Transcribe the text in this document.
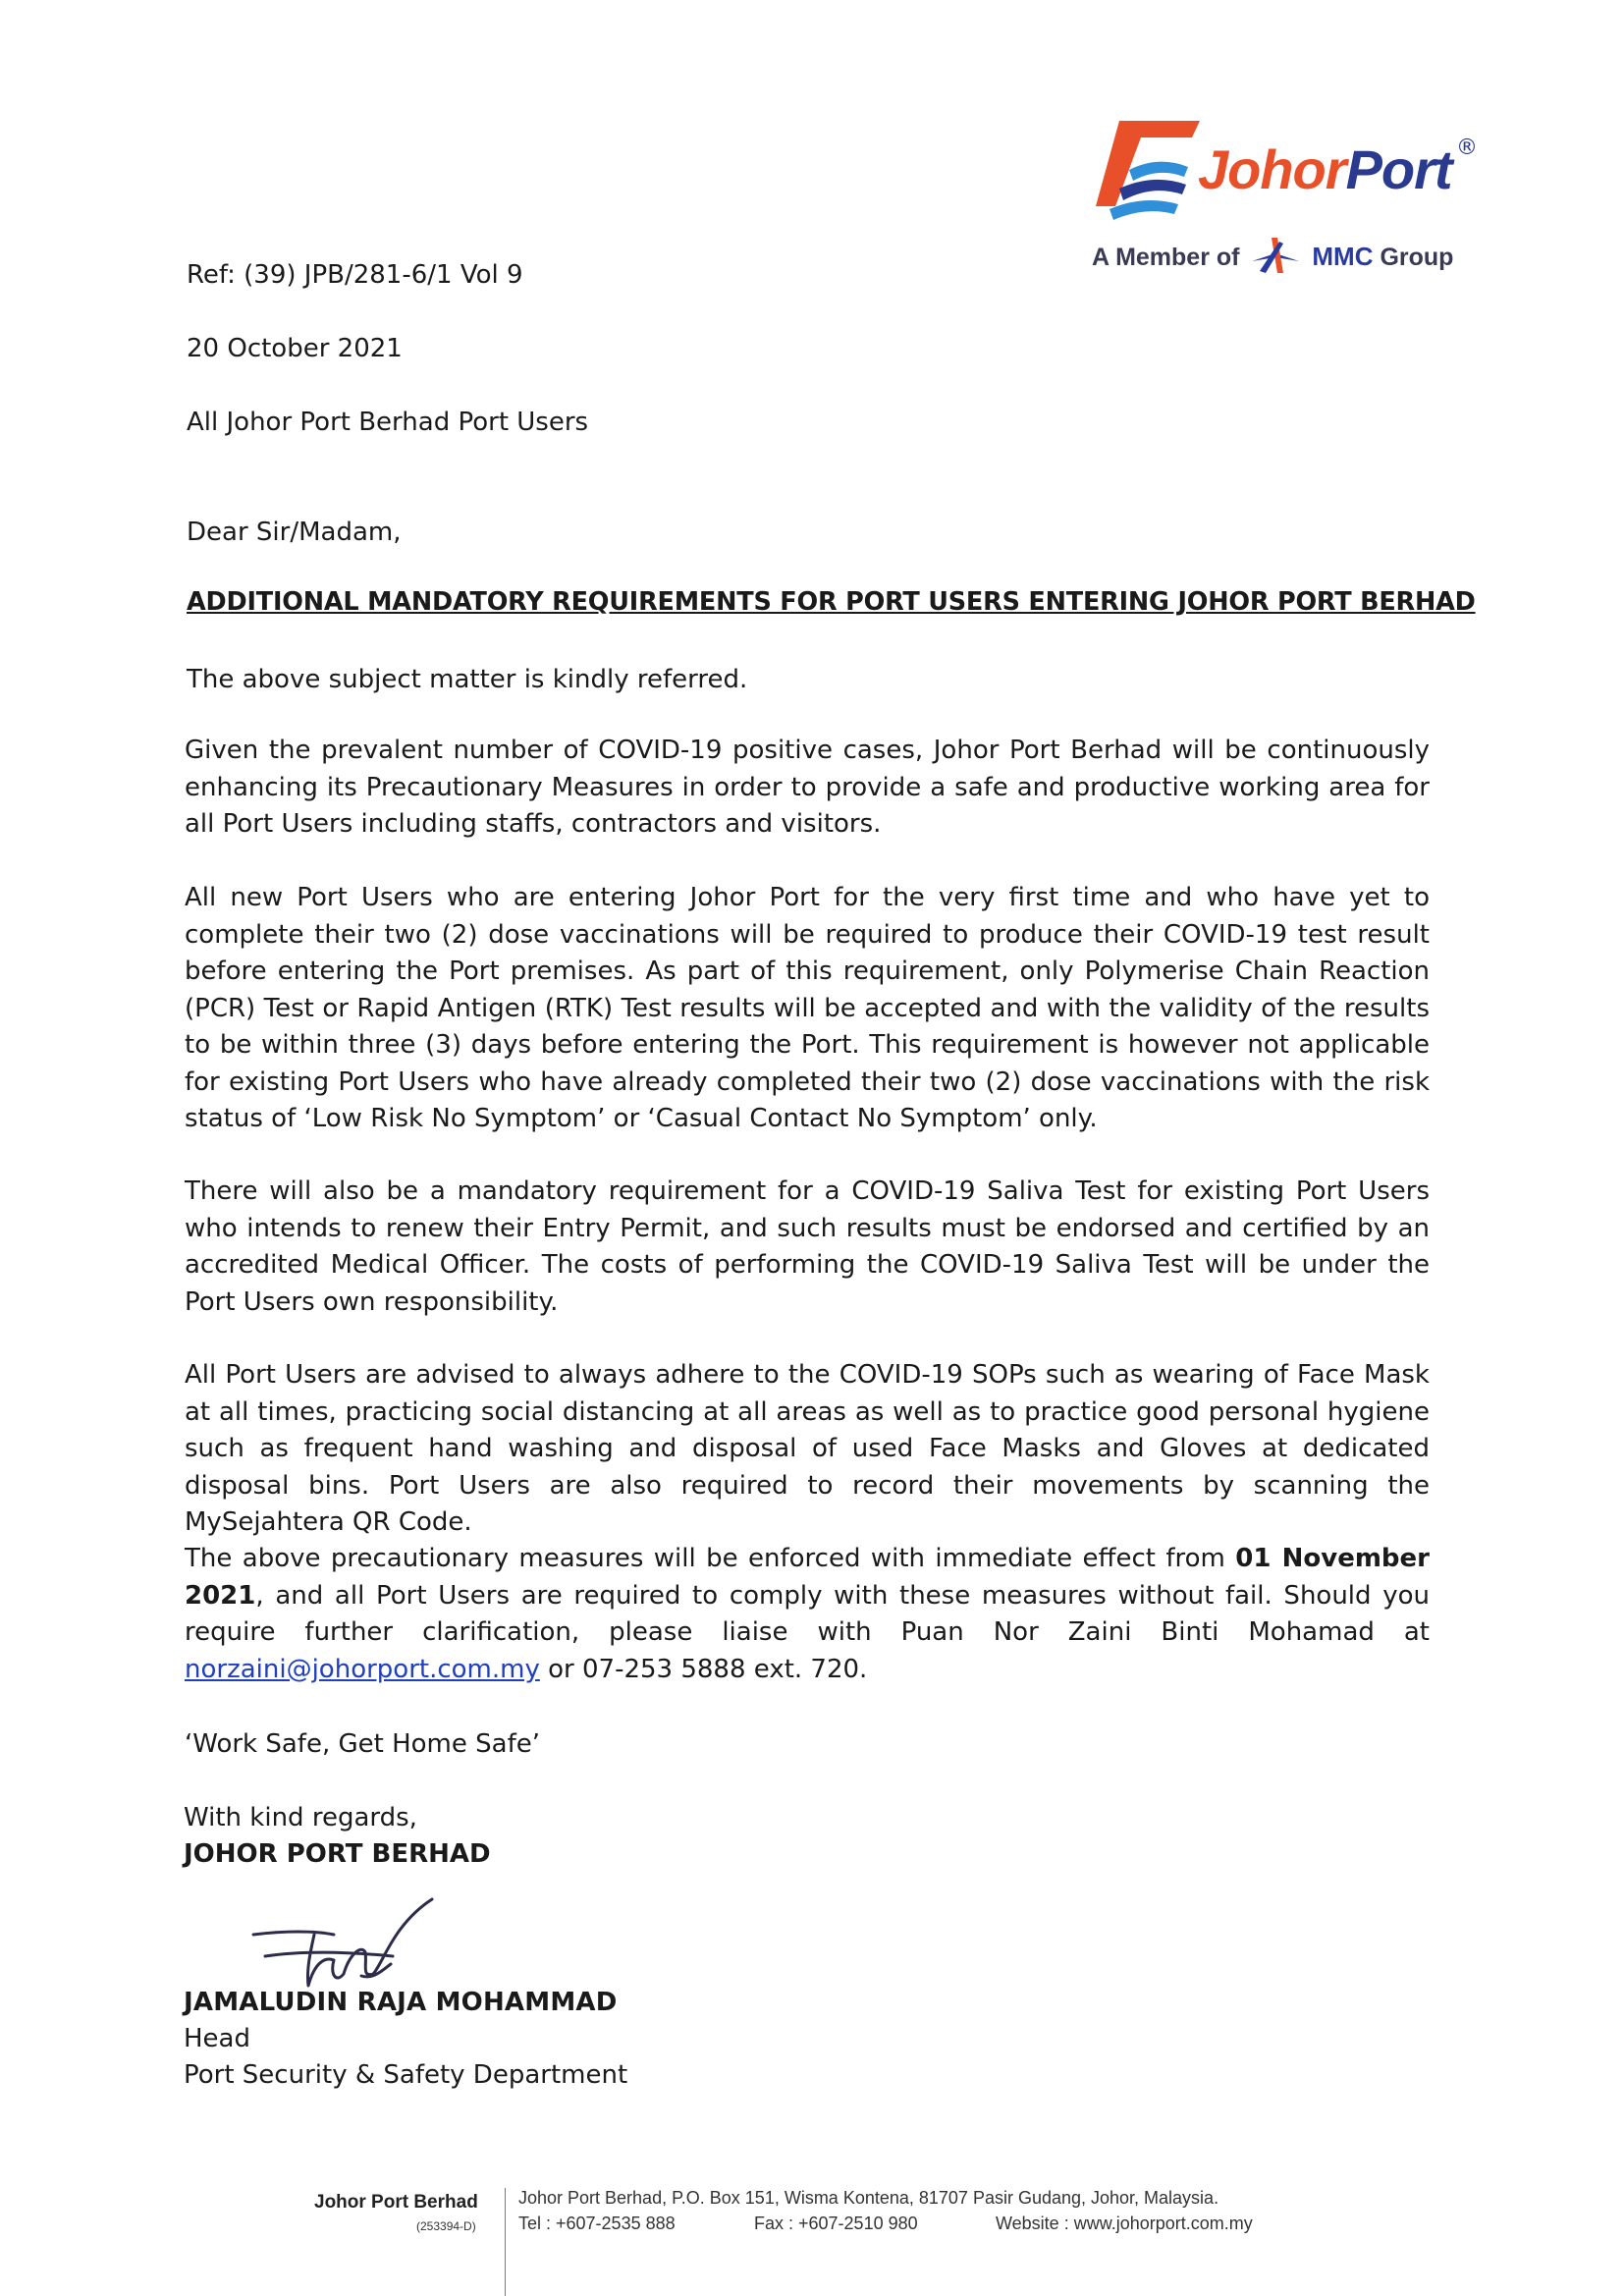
JohorPort ®
A Member of	MMC Group
Ref: (39) JPB/281-6/1 Vol 9
20 October 2021
All Johor Port Berhad Port Users
Dear Sir/Madam,
ADDITIONAL MANDATORY REQUIREMENTS FOR PORT USERS ENTERING JOHOR PORT BERHAD
The above subject matter is kindly referred.
Given the prevalent number of COVID-19 positive cases, Johor Port Berhad will be continuously enhancing its Precautionary Measures in order to provide a safe and productive working area for all Port Users including staffs, contractors and visitors.
All new Port Users who are entering Johor Port for the very first time and who have yet to complete their two (2) dose vaccinations will be required to produce their COVID-19 test result before entering the Port premises. As part of this requirement, only Polymerise Chain Reaction (PCR) Test or Rapid Antigen (RTK) Test results will be accepted and with the validity of the results to be within three (3) days before entering the Port. This requirement is however not applicable for existing Port Users who have already completed their two (2) dose vaccinations with the risk status of ‘Low Risk No Symptom’ or ‘Casual Contact No Symptom’ only.
There will also be a mandatory requirement for a COVID-19 Saliva Test for existing Port Users who intends to renew their Entry Permit, and such results must be endorsed and certified by an accredited Medical Officer. The costs of performing the COVID-19 Saliva Test will be under the Port Users own responsibility.
All Port Users are advised to always adhere to the COVID-19 SOPs such as wearing of Face Mask at all times, practicing social distancing at all areas as well as to practice good personal hygiene such as frequent hand washing and disposal of used Face Masks and Gloves at dedicated disposal bins. Port Users are also required to record their movements by scanning the MySejahtera QR Code.
The above precautionary measures will be enforced with immediate effect from 01 November 2021, and all Port Users are required to comply with these measures without fail. Should you require further clarification, please liaise with Puan Nor Zaini Binti Mohamad at norzaini@johorport.com.my or 07-253 5888 ext. 720.
‘Work Safe, Get Home Safe’
With kind regards,
JOHOR PORT BERHAD
JAMALUDIN RAJA MOHAMMAD
Head
Port Security & Safety Department
Johor Port Berhad
(253394-D)
Johor Port Berhad, P.O. Box 151, Wisma Kontena, 81707 Pasir Gudang, Johor, Malaysia.
Tel : +607-2535 888	Fax : +607-2510 980	Website : www.johorport.com.my
